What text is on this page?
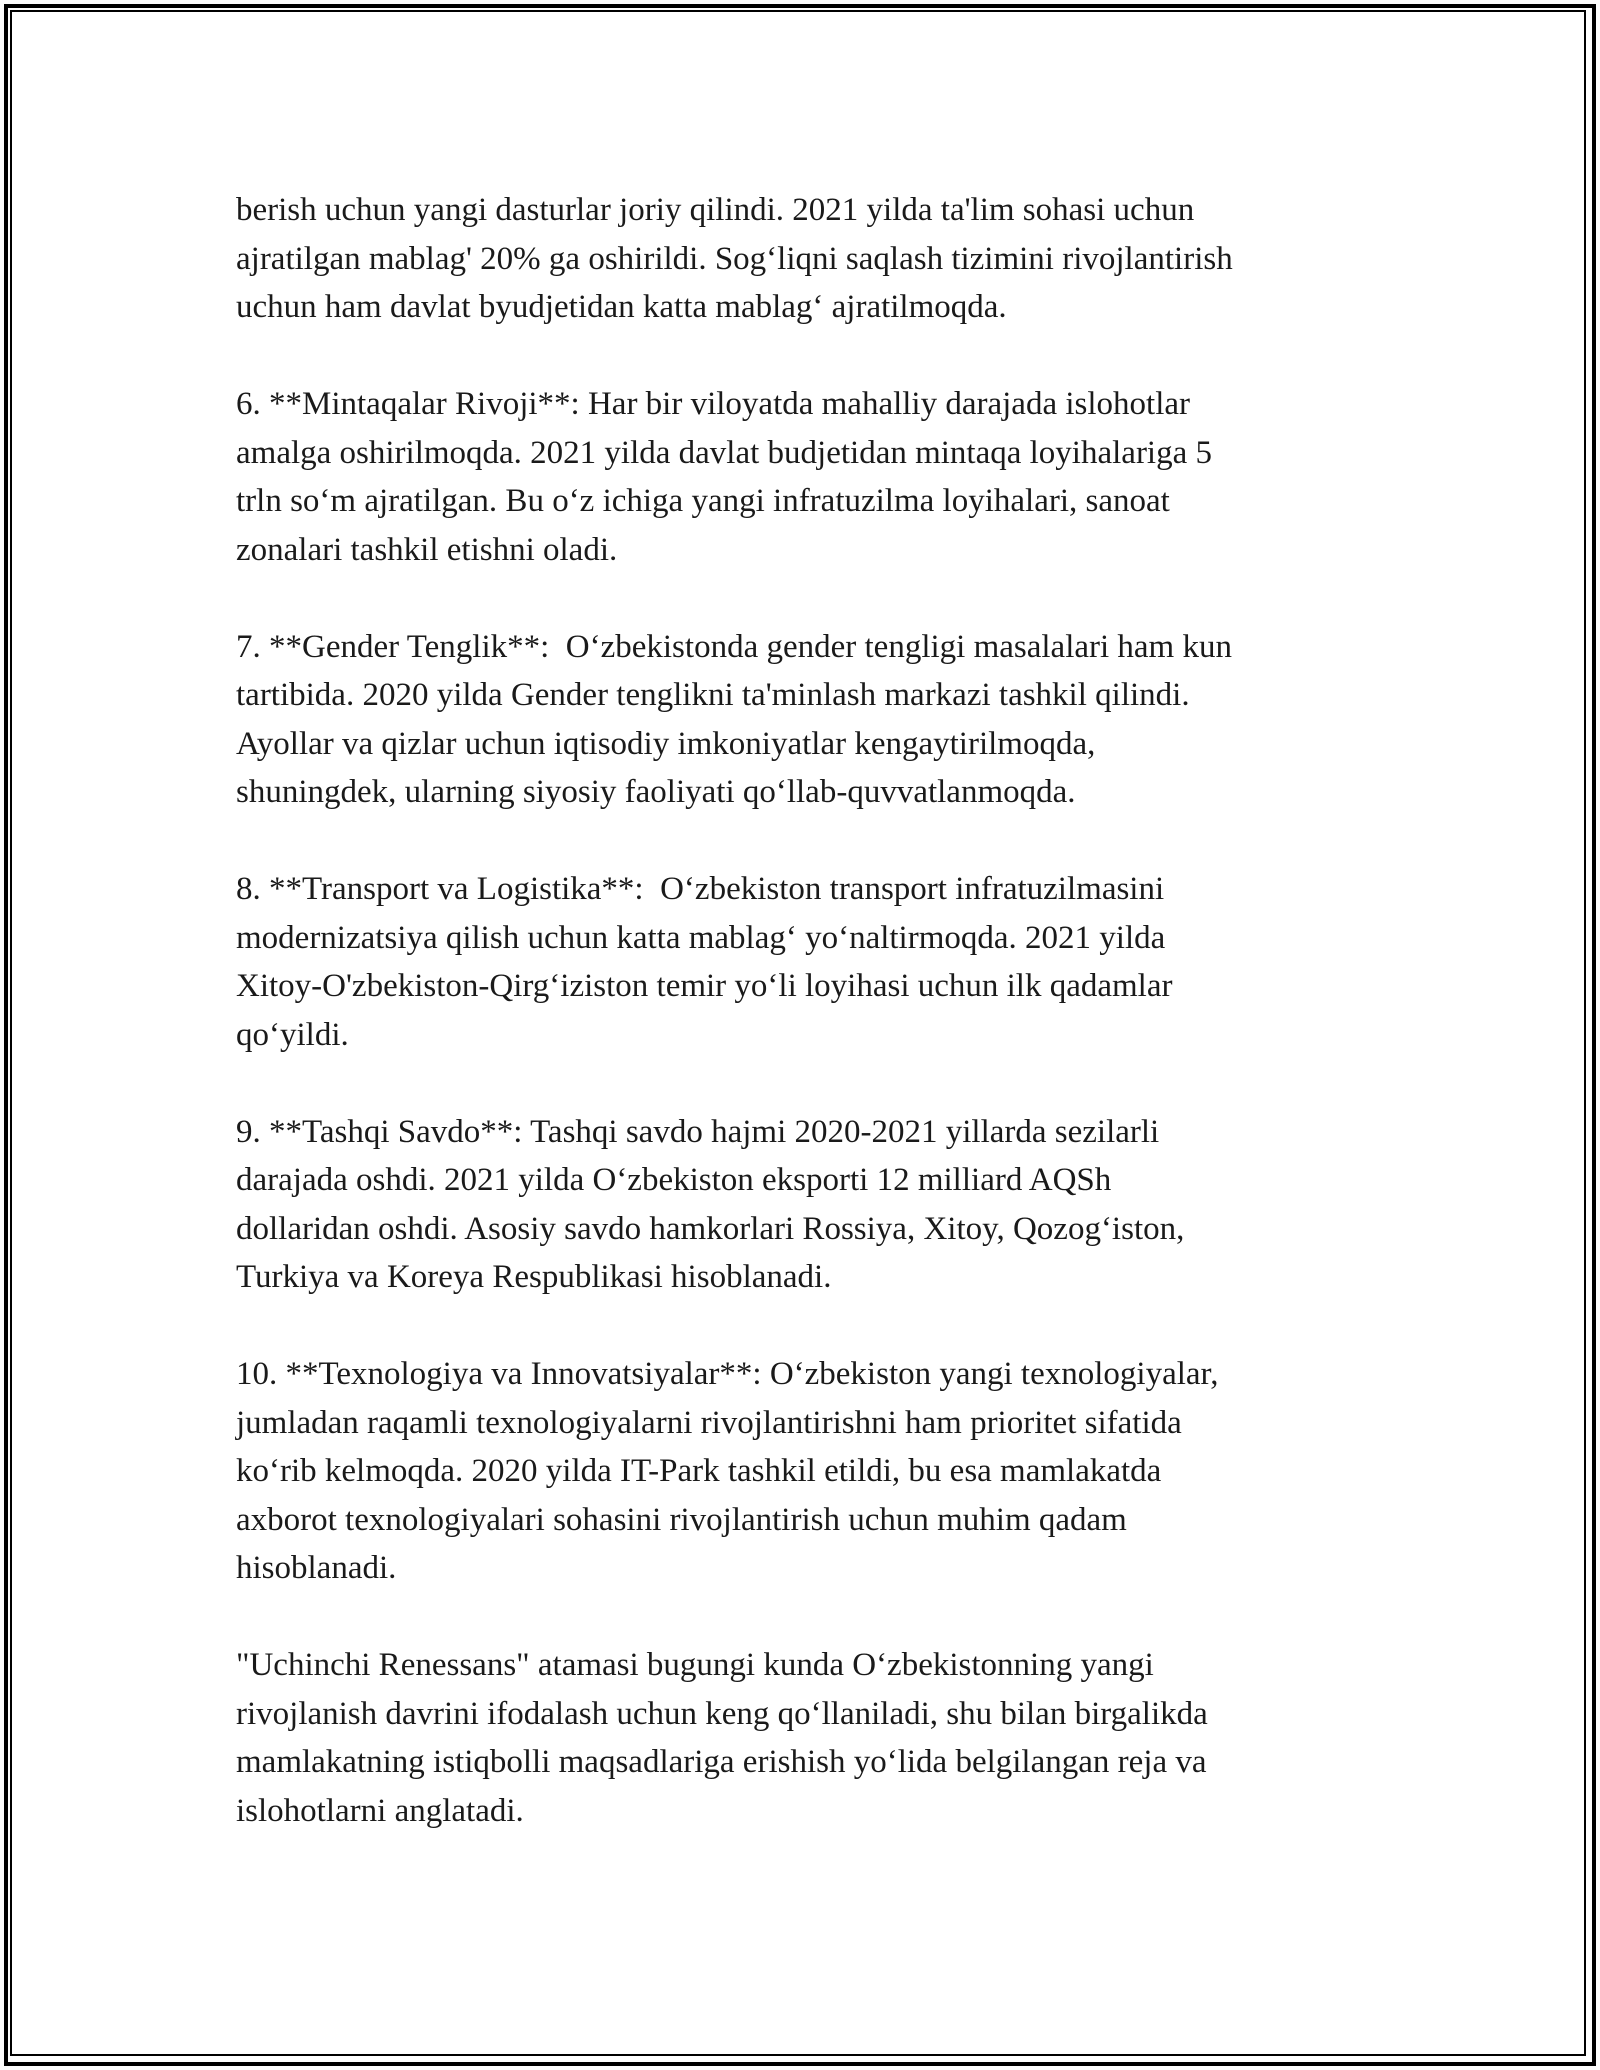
berish uchun yangi dasturlar joriy qilindi. 2021 yilda ta'lim sohasi uchun
ajratilgan mablag' 20% ga oshirildi. Sog‘liqni saqlash tizimini rivojlantirish
uchun ham davlat byudjetidan katta mablag‘ ajratilmoqda.

6. **Mintaqalar Rivoji**: Har bir viloyatda mahalliy darajada islohotlar
amalga oshirilmoqda. 2021 yilda davlat budjetidan mintaqa loyihalariga 5
trln so‘m ajratilgan. Bu o‘z ichiga yangi infratuzilma loyihalari, sanoat
zonalari tashkil etishni oladi.

7. **Gender Tenglik**:  O‘zbekistonda gender tengligi masalalari ham kun
tartibida. 2020 yilda Gender tenglikni ta'minlash markazi tashkil qilindi.
Ayollar va qizlar uchun iqtisodiy imkoniyatlar kengaytirilmoqda,
shuningdek, ularning siyosiy faoliyati qo‘llab-quvvatlanmoqda.

8. **Transport va Logistika**:  O‘zbekiston transport infratuzilmasini
modernizatsiya qilish uchun katta mablag‘ yo‘naltirmoqda. 2021 yilda
Xitoy-O'zbekiston-Qirg‘iziston temir yo‘li loyihasi uchun ilk qadamlar
qo‘yildi.

9. **Tashqi Savdo**: Tashqi savdo hajmi 2020-2021 yillarda sezilarli
darajada oshdi. 2021 yilda O‘zbekiston eksporti 12 milliard AQSh
dollaridan oshdi. Asosiy savdo hamkorlari Rossiya, Xitoy, Qozog‘iston,
Turkiya va Koreya Respublikasi hisoblanadi.

10. **Texnologiya va Innovatsiyalar**: O‘zbekiston yangi texnologiyalar,
jumladan raqamli texnologiyalarni rivojlantirishni ham prioritet sifatida
ko‘rib kelmoqda. 2020 yilda IT-Park tashkil etildi, bu esa mamlakatda
axborot texnologiyalari sohasini rivojlantirish uchun muhim qadam
hisoblanadi.

"Uchinchi Renessans" atamasi bugungi kunda O‘zbekistonning yangi
rivojlanish davrini ifodalash uchun keng qo‘llaniladi, shu bilan birgalikda
mamlakatning istiqbolli maqsadlariga erishish yo‘lida belgilangan reja va
islohotlarni anglatadi.
